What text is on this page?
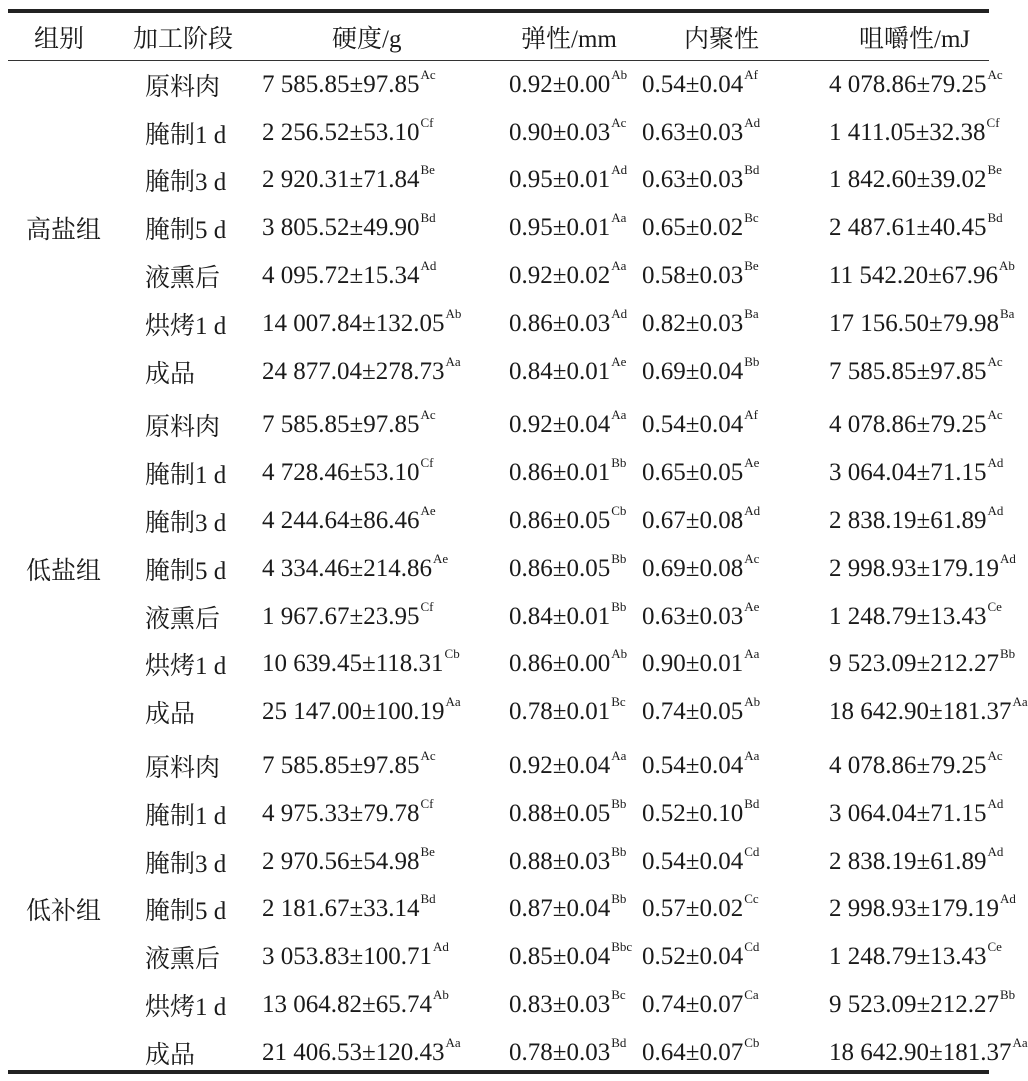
组别	加工阶段	硬度/g	弹性/mm	内聚性	咀嚼性/mJ
高盐组	原料肉	7 $585.85\pm 97.85^{Ac}$	$0.92\pm 0.00^{Ab}$	$0.54\pm 0.04^{Af}$	4 $078.86\pm 79.25^{Ac}$
	腌制1 d	2 $256.52\pm 53.10^{Cf}$	$0.90\pm 0.03^{Ac}$	$0.63\pm 0.03^{Ad}$	1 $411.05\pm 32.38^{Cf}$
	腌制3 d	2 $920.31\pm 71.84^{Be}$	$0.95\pm 0.01^{Ad}$	$0.63\pm 0.03^{Bd}$	1 $842.60\pm 39.02^{Be}$
	腌制5 d	3 $805.52\pm 49.90^{Bd}$	$0.95\pm 0.01^{Aa}$	$0.65\pm 0.02^{Bc}$	2 $487.61\pm 40.45^{Bd}$
	液熏后	4 $095.72\pm 15.34^{Ad}$	$0.92\pm 0.02^{Aa}$	$0.58\pm 0.03^{Be}$	11 $542.20\pm 67.96^{Ab}$
	烘烤1 d	14 $007.84\pm 132.05^{Ab}$	$0.86\pm 0.03^{Ad}$	$0.82\pm 0.03^{Ba}$	17 $156.50\pm 79.98^{Ba}$
	成品	24 $877.04\pm 278.73^{Aa}$	$0.84\pm 0.01^{Ae}$	$0.69\pm 0.04^{Bb}$	7 $585.85\pm 97.85^{Ac}$
低盐组	原料肉	7 $585.85\pm 97.85^{Ac}$	$0.92\pm 0.04^{Aa}$	$0.54\pm 0.04^{Af}$	4 $078.86\pm 79.25^{Ac}$
	腌制1 d	4 $728.46\pm 53.10^{Cf}$	$0.86\pm 0.01^{Bb}$	$0.65\pm 0.05^{Ae}$	3 $064.04\pm 71.15^{Ad}$
	腌制3 d	4 $244.64\pm 86.46^{Ae}$	$0.86\pm 0.05^{Cb}$	$0.67\pm 0.08^{Ad}$	2 $838.19\pm 61.89^{Ad}$
	腌制5 d	4 $334.46\pm 214.86^{Ae}$	$0.86\pm 0.05^{Bb}$	$0.69\pm 0.08^{Ac}$	2 $998.93\pm 179.19^{Ad}$
	液熏后	1 $967.67\pm 23.95^{Cf}$	$0.84\pm 0.01^{Bb}$	$0.63\pm 0.03^{Ae}$	1 $248.79\pm 13.43^{Ce}$
	烘烤1 d	10 $639.45\pm 118.31^{Cb}$	$0.86\pm 0.00^{Ab}$	$0.90\pm 0.01^{Aa}$	9 $523.09\pm 212.27^{Bb}$
	成品	25 $147.00\pm 100.19^{Aa}$	$0.78\pm 0.01^{Bc}$	$0.74\pm 0.05^{Ab}$	18 $642.90\pm 181.37^{Aa}$
低补组	原料肉	7 $585.85\pm 97.85^{Ac}$	$0.92\pm 0.04^{Aa}$	$0.54\pm 0.04^{Aa}$	4 $078.86\pm 79.25^{Ac}$
	腌制1 d	4 $975.33\pm 79.78^{Cf}$	$0.88\pm 0.05^{Bb}$	$0.52\pm 0.10^{Bd}$	3 $064.04\pm 71.15^{Ad}$
	腌制3 d	2 $970.56\pm 54.98^{Be}$	$0.88\pm 0.03^{Bb}$	$0.54\pm 0.04^{Cd}$	2 $838.19\pm 61.89^{Ad}$
	腌制5 d	2 $181.67\pm 33.14^{Bd}$	$0.87\pm 0.04^{Bb}$	$0.57\pm 0.02^{Cc}$	2 $998.93\pm 179.19^{Ad}$
	液熏后	3 $053.83\pm 100.71^{Ad}$	$0.85\pm 0.04^{Bbc}$	$0.52\pm 0.04^{Cd}$	1 $248.79\pm 13.43^{Ce}$
	烘烤1 d	13 $064.82\pm 65.74^{Ab}$	$0.83\pm 0.03^{Bc}$	$0.74\pm 0.07^{Ca}$	9 $523.09\pm 212.27^{Bb}$
	成品	21 $406.53\pm 120.43^{Aa}$	$0.78\pm 0.03^{Bd}$	$0.64\pm 0.07^{Cb}$	18 $642.90\pm 181.37^{Aa}$
